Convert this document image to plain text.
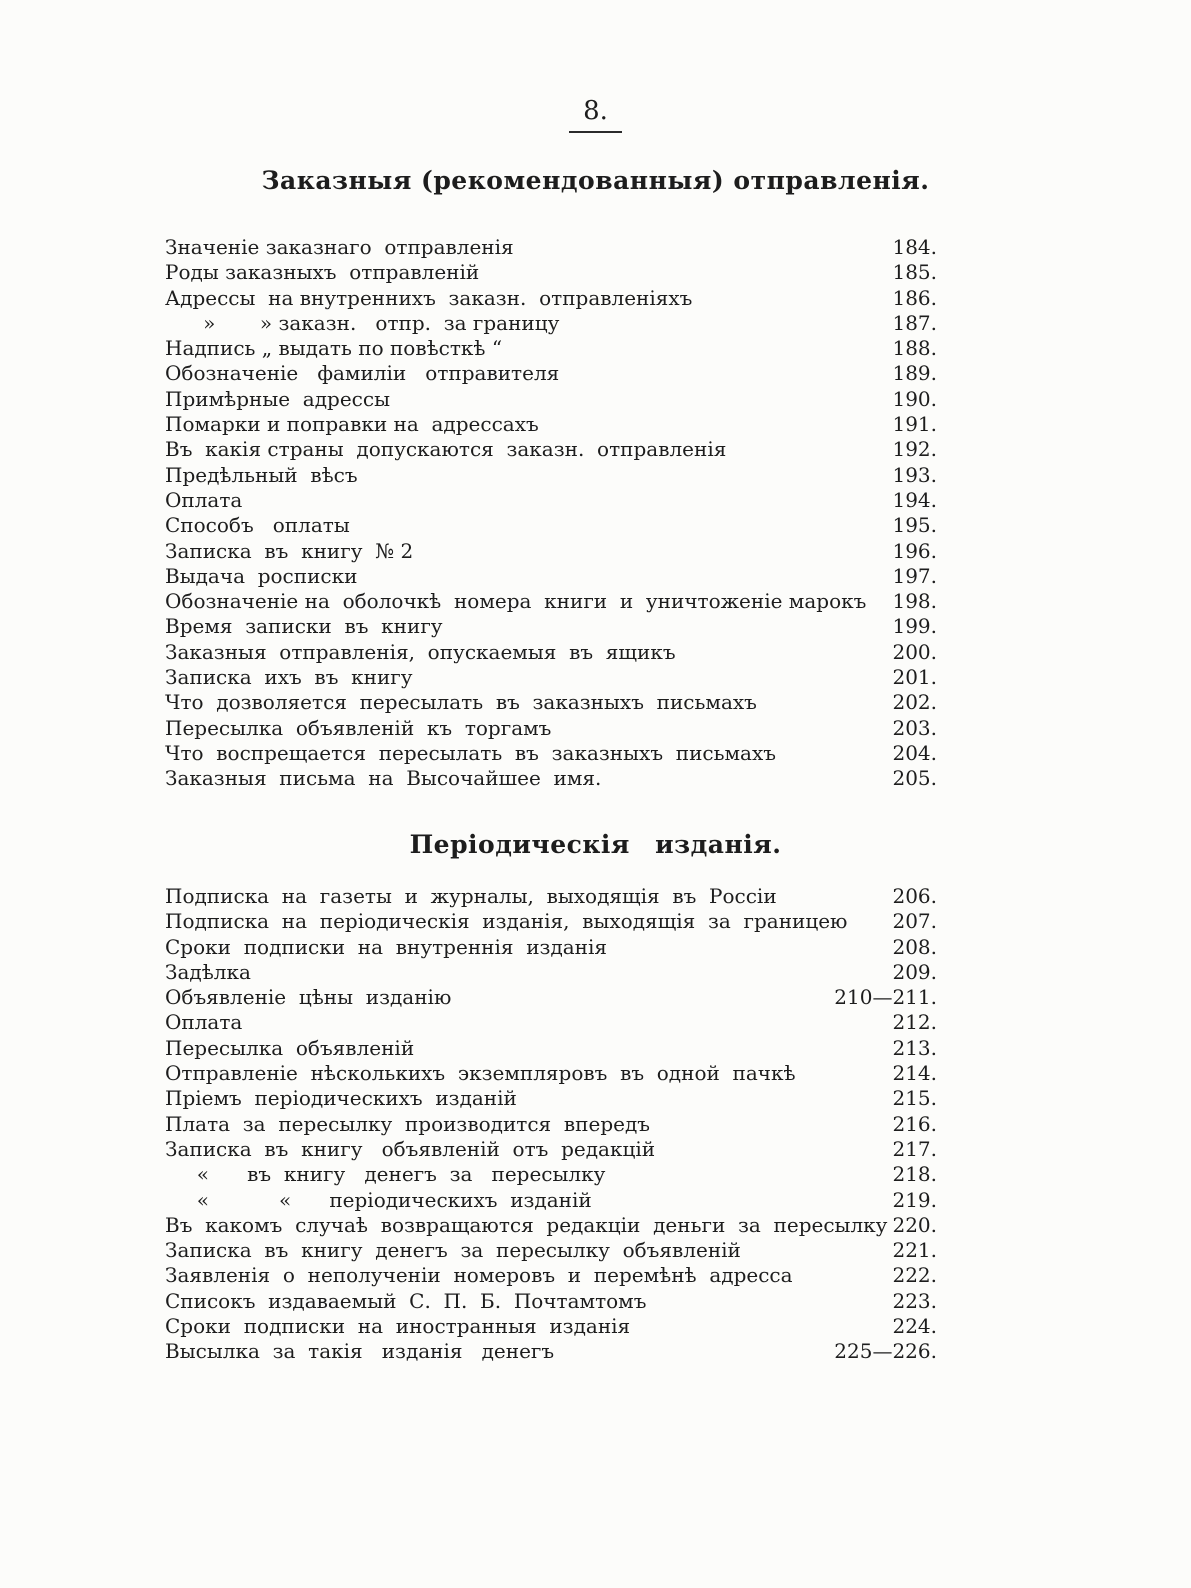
8.
Заказныя (рекомендованныя) отправленія.
Значеніе заказнаго  отправленія	184.
Роды заказныхъ  отправленій	185.
Адрессы  на внутреннихъ  заказн.  отправленіяхъ	186.
»       » заказн.   отпр.  за границу	187.
Надпись „ выдать по повѣсткѣ “	188.
Обозначеніе   фамиліи   отправителя	189.
Примѣрные  адрессы	190.
Помарки и поправки на  адрессахъ	191.
Въ  какія страны  допускаются  заказн.  отправленія	192.
Предѣльный  вѣсъ	193.
Оплата	194.
Способъ   оплаты	195.
Записка  въ  книгу  № 2	196.
Выдача  росписки	197.
Обозначеніе на  оболочкѣ  номера  книги  и  уничтоженіе марокъ 198.
Время  записки  въ  книгу	199.
Заказныя  отправленія,  опускаемыя  въ  ящикъ	200.
Записка  ихъ  въ  книгу	201.
Что  дозволяется  пересылать  въ  заказныхъ  письмахъ	202.
Пересылка  объявленій  къ  торгамъ	203.
Что  воспрещается  пересылать  въ  заказныхъ  письмахъ	204.
Заказныя  письма  на  Высочайшее  имя.	205.
Періодическія изданія.
Подписка  на  газеты  и  журналы,  выходящія  въ  Россіи	206.
Подписка  на  періодическія  изданія,  выходящія  за  границею 207.
Сроки  подписки  на  внутреннія  изданія	208.
Задѣлка	209.
Объявленіе  цѣны  изданію	210—211.
Оплата	212.
Пересылка  объявленій	213.
Отправленіе  нѣсколькихъ  экземпляровъ  въ  одной  пачкѣ	214.
Пріемъ  періодическихъ  изданій	215.
Плата  за  пересылку  производится  впередъ	216.
Записка  въ  книгу   объявленій  отъ  редакцій	217.
«      въ  книгу   денегъ  за   пересылку	218.
«           «      періодическихъ  изданій	219.
Въ  какомъ  случаѣ  возвращаются  редакціи  деньги  за  пересылку 220.
Записка  въ  книгу  денегъ  за  пересылку  объявленій	221.
Заявленія  о  неполученіи  номеровъ  и  перемѣнѣ  адресса	222.
Списокъ  издаваемый  С.  П.  Б.  Почтамтомъ	223.
Сроки  подписки  на  иностранныя  изданія	224.
Высылка  за  такія   изданія   денегъ	225—226.
